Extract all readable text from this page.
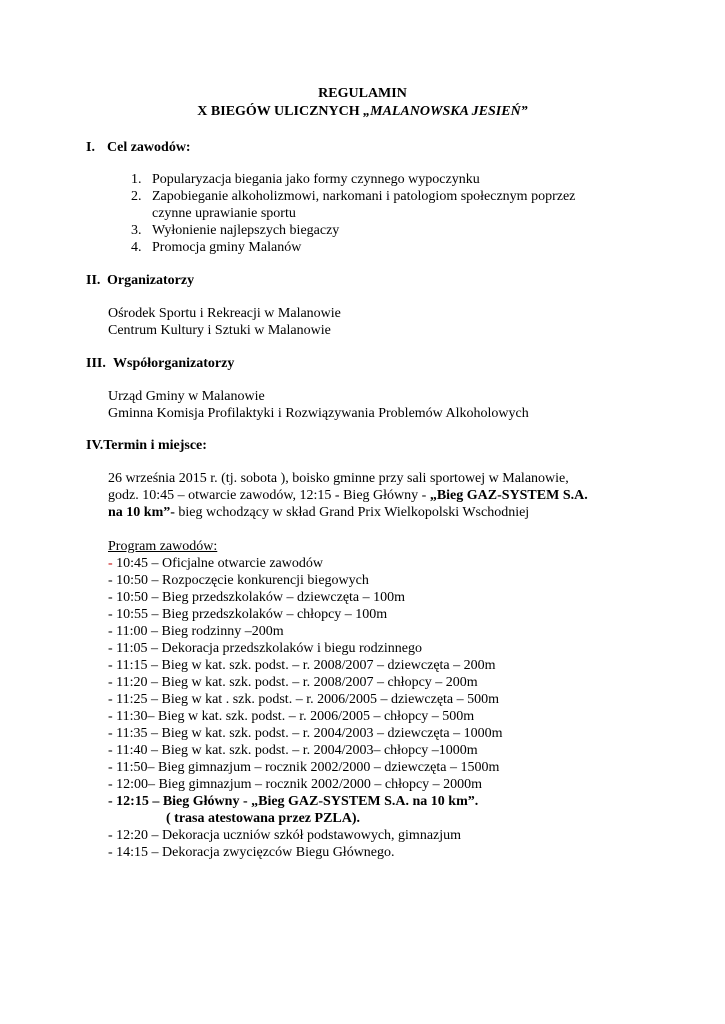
REGULAMIN
X BIEGÓW ULICZNYCH „MALANOWSKA JESIEŃ”
I. Cel zawodów:
1. Popularyzacja biegania jako formy czynnego wypoczynku
2. Zapobieganie alkoholizmowi, narkomani i patologiom społecznym poprzez
czynne uprawianie sportu
3. Wyłonienie najlepszych biegaczy
4. Promocja gminy Malanów
II. Organizatorzy
Ośrodek Sportu i Rekreacji w Malanowie
Centrum Kultury i Sztuki w Malanowie
III. Współorganizatorzy
Urząd Gminy w Malanowie
Gminna Komisja Profilaktyki i Rozwiązywania Problemów Alkoholowych
IV.Termin i miejsce:
26 września 2015 r. (tj. sobota ), boisko gminne przy sali sportowej w Malanowie,
godz. 10:45 – otwarcie zawodów, 12:15 - Bieg Główny - „Bieg GAZ-SYSTEM S.A.
na 10 km”- bieg wchodzący w skład Grand Prix Wielkopolski Wschodniej
Program zawodów:
- 10:45 – Oficjalne otwarcie zawodów
- 10:50 – Rozpoczęcie konkurencji biegowych
- 10:50 – Bieg przedszkolaków – dziewczęta – 100m
- 10:55 – Bieg przedszkolaków – chłopcy – 100m
- 11:00 – Bieg rodzinny –200m
- 11:05 – Dekoracja przedszkolaków i biegu rodzinnego
- 11:15 – Bieg w kat. szk. podst. – r. 2008/2007 – dziewczęta – 200m
- 11:20 – Bieg w kat. szk. podst. – r. 2008/2007 – chłopcy – 200m
- 11:25 – Bieg w kat . szk. podst. – r. 2006/2005 – dziewczęta – 500m
- 11:30– Bieg w kat. szk. podst. – r. 2006/2005 – chłopcy – 500m
- 11:35 – Bieg w kat. szk. podst. – r. 2004/2003 – dziewczęta – 1000m
- 11:40 – Bieg w kat. szk. podst. – r. 2004/2003– chłopcy –1000m
- 11:50– Bieg gimnazjum – rocznik 2002/2000 – dziewczęta – 1500m
- 12:00– Bieg gimnazjum – rocznik 2002/2000 – chłopcy – 2000m
- 12:15 – Bieg Główny - „Bieg GAZ-SYSTEM S.A. na 10 km”.
( trasa atestowana przez PZLA).
- 12:20 – Dekoracja uczniów szkół podstawowych, gimnazjum
- 14:15 – Dekoracja zwycięzców Biegu Głównego.
